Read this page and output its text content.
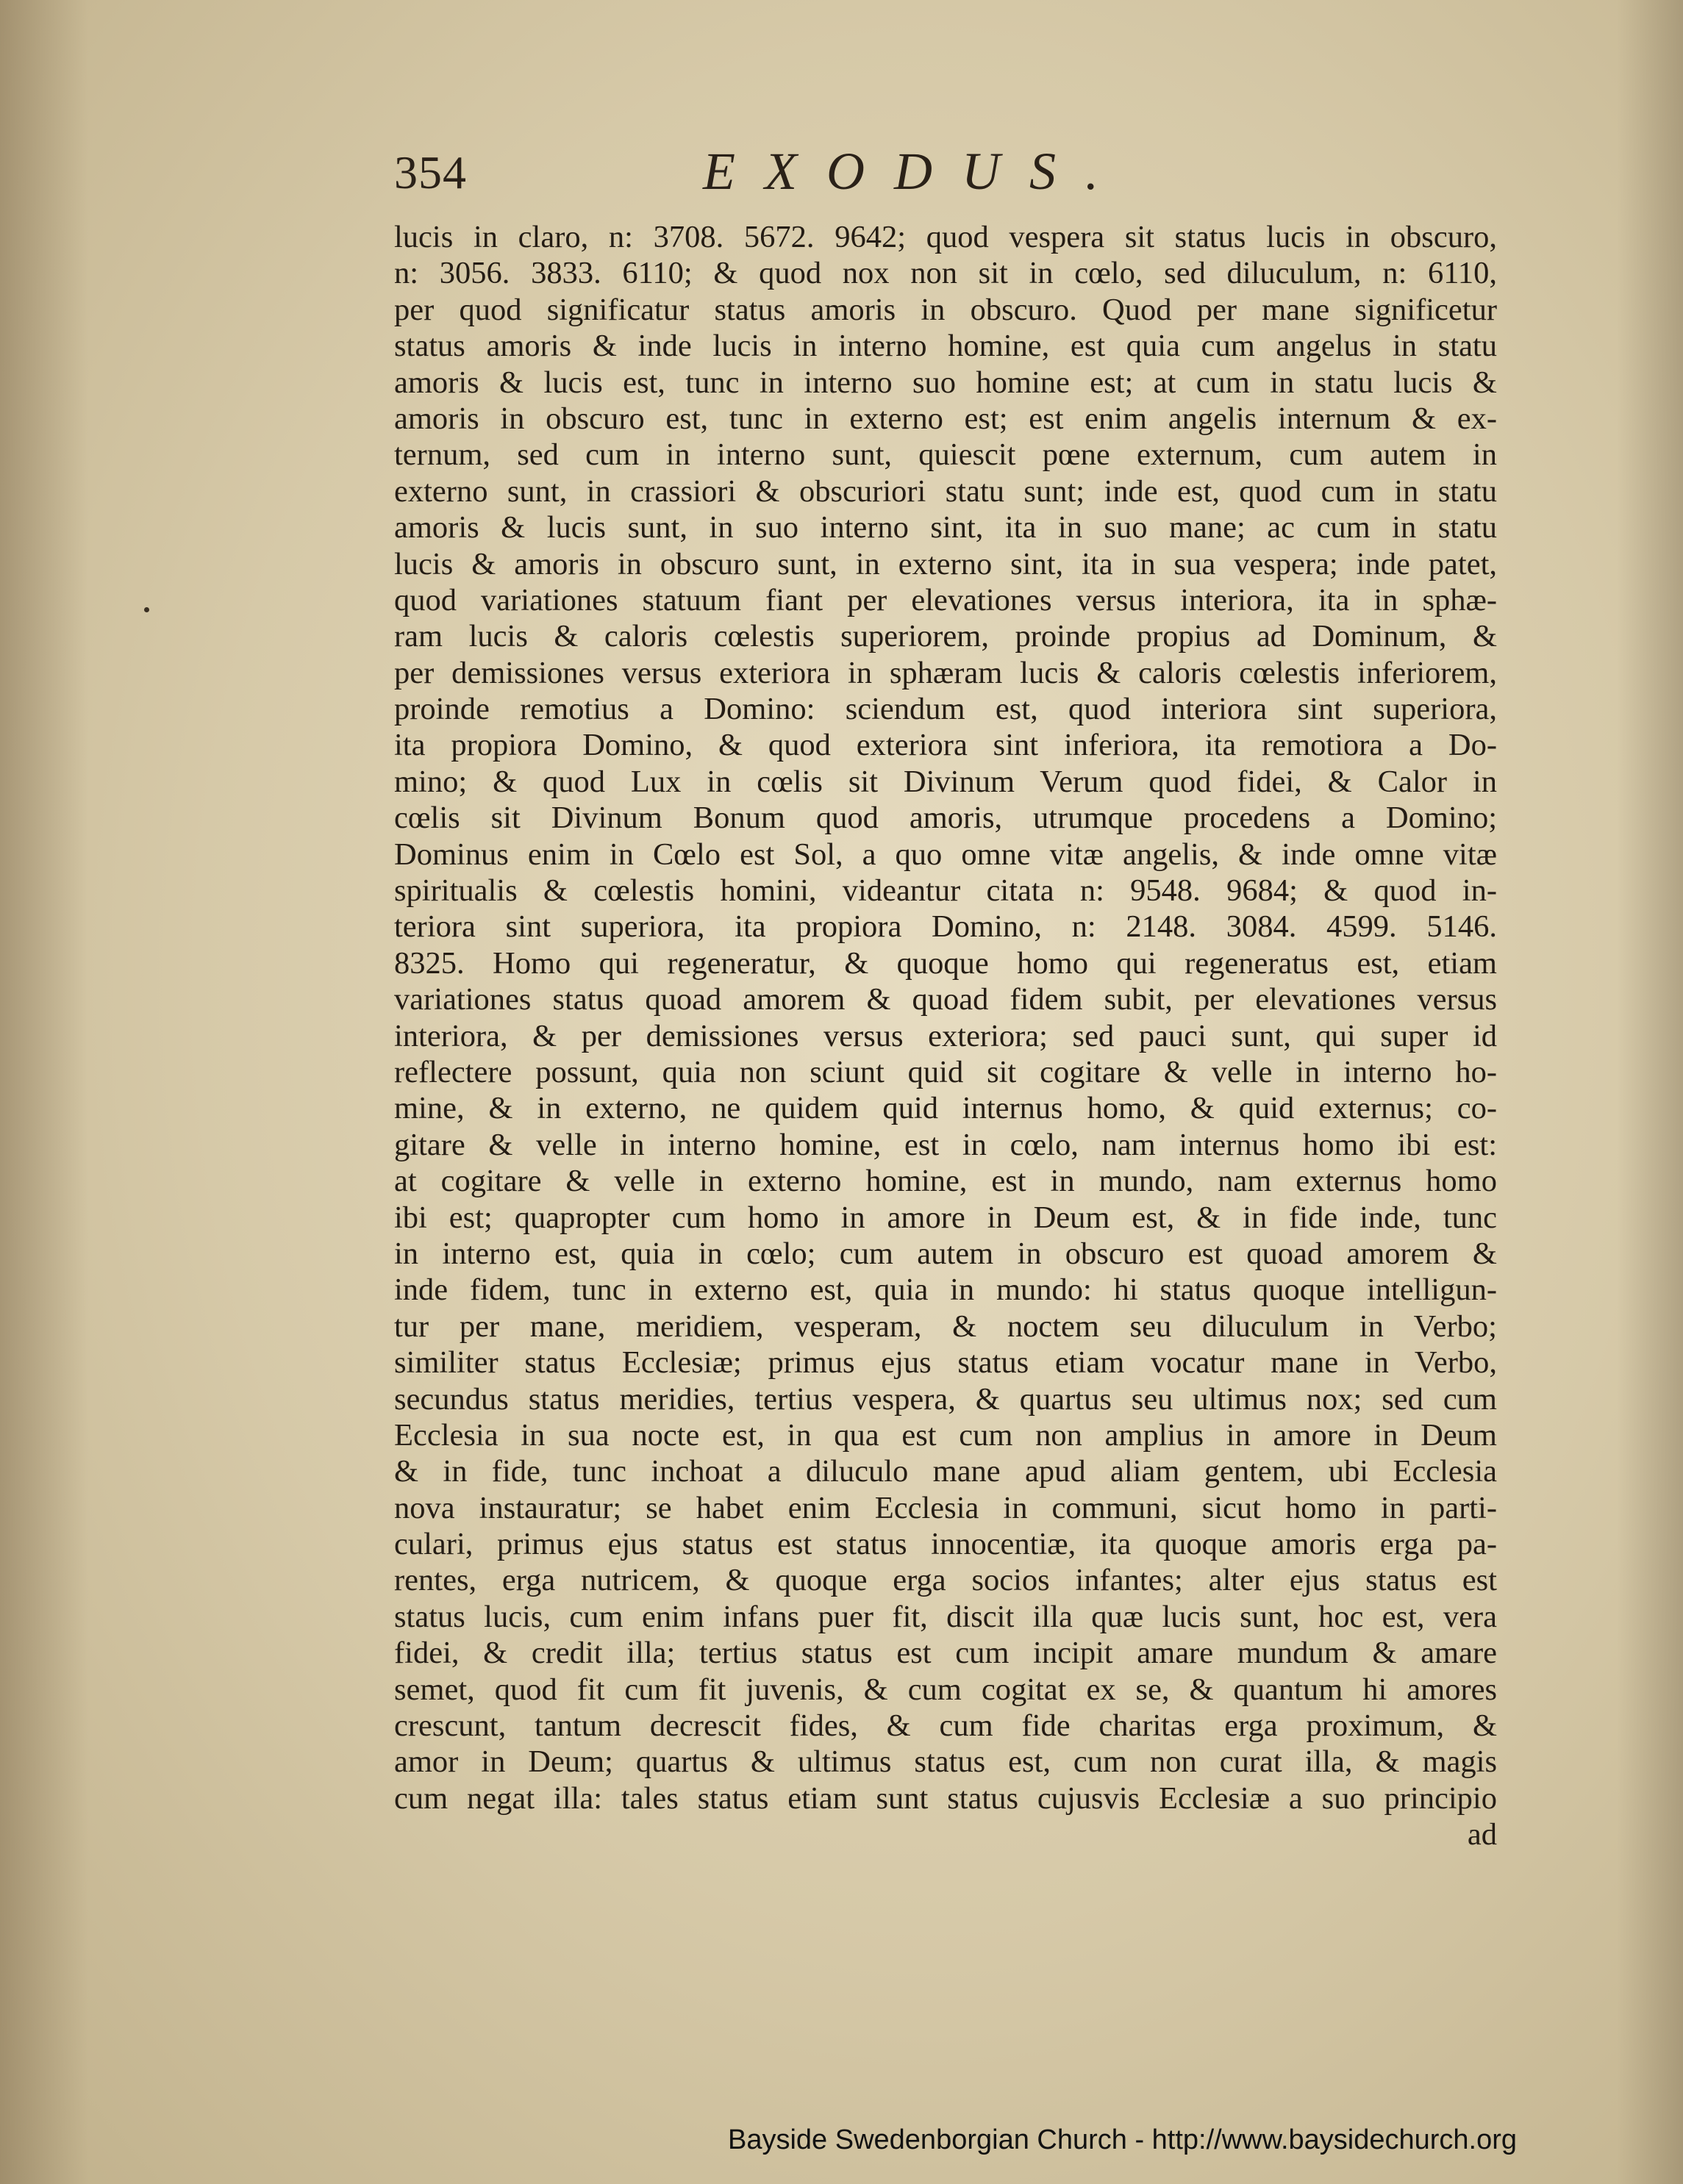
354	EXODUS.
lucis in claro, n: 3708. 5672. 9642; quod vespera sit status lucis in obscuro,
n: 3056. 3833. 6110; & quod nox non sit in cœlo, sed diluculum, n: 6110,
per quod significatur status amoris in obscuro. Quod per mane significetur
status amoris & inde lucis in interno homine, est quia cum angelus in statu
amoris & lucis est, tunc in interno suo homine est; at cum in statu lucis &
amoris in obscuro est, tunc in externo est; est enim angelis internum & ex-
ternum, sed cum in interno sunt, quiescit pœne externum, cum autem in
externo sunt, in crassiori & obscuriori statu sunt; inde est, quod cum in statu
amoris & lucis sunt, in suo interno sint, ita in suo mane; ac cum in statu
lucis & amoris in obscuro sunt, in externo sint, ita in sua vespera; inde patet,
quod variationes statuum fiant per elevationes versus interiora, ita in sphæ-
ram lucis & caloris cœlestis superiorem, proinde propius ad Dominum, &
per demissiones versus exteriora in sphæram lucis & caloris cœlestis inferiorem,
proinde remotius a Domino: sciendum est, quod interiora sint superiora,
ita propiora Domino, & quod exteriora sint inferiora, ita remotiora a Do-
mino; & quod Lux in cœlis sit Divinum Verum quod fidei, & Calor in
cœlis sit Divinum Bonum quod amoris, utrumque procedens a Domino;
Dominus enim in Cœlo est Sol, a quo omne vitæ angelis, & inde omne vitæ
spiritualis & cœlestis homini, videantur citata n: 9548. 9684; & quod in-
teriora sint superiora, ita propiora Domino, n: 2148. 3084. 4599. 5146.
8325. Homo qui regeneratur, & quoque homo qui regeneratus est, etiam
variationes status quoad amorem & quoad fidem subit, per elevationes versus
interiora, & per demissiones versus exteriora; sed pauci sunt, qui super id
reflectere possunt, quia non sciunt quid sit cogitare & velle in interno ho-
mine, & in externo, ne quidem quid internus homo, & quid externus; co-
gitare & velle in interno homine, est in cœlo, nam internus homo ibi est:
at cogitare & velle in externo homine, est in mundo, nam externus homo
ibi est; quapropter cum homo in amore in Deum est, & in fide inde, tunc
in interno est, quia in cœlo; cum autem in obscuro est quoad amorem &
inde fidem, tunc in externo est, quia in mundo: hi status quoque intelligun-
tur per mane, meridiem, vesperam, & noctem seu diluculum in Verbo;
similiter status Ecclesiæ; primus ejus status etiam vocatur mane in Verbo,
secundus status meridies, tertius vespera, & quartus seu ultimus nox; sed cum
Ecclesia in sua nocte est, in qua est cum non amplius in amore in Deum
& in fide, tunc inchoat a diluculo mane apud aliam gentem, ubi Ecclesia
nova instauratur; se habet enim Ecclesia in communi, sicut homo in parti-
culari, primus ejus status est status innocentiæ, ita quoque amoris erga pa-
rentes, erga nutricem, & quoque erga socios infantes; alter ejus status est
status lucis, cum enim infans puer fit, discit illa quæ lucis sunt, hoc est, vera
fidei, & credit illa; tertius status est cum incipit amare mundum & amare
semet, quod fit cum fit juvenis, & cum cogitat ex se, & quantum hi amores
crescunt, tantum decrescit fides, & cum fide charitas erga proximum, &
amor in Deum; quartus & ultimus status est, cum non curat illa, & magis
cum negat illa: tales status etiam sunt status cujusvis Ecclesiæ a suo principio
ad
Bayside Swedenborgian Church - http://www.baysidechurch.org
